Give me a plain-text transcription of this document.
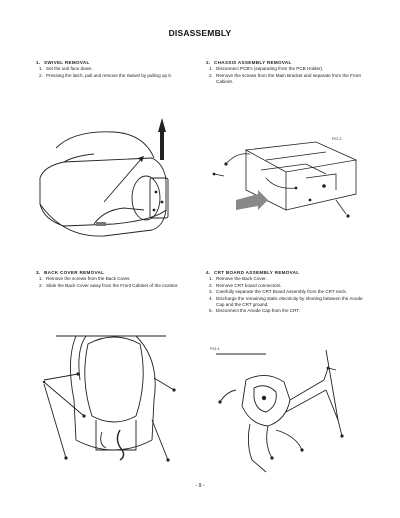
DISASSEMBLY
1. SWIVEL REMOVAL
1. Set the unit face down.
2. Pressing the latch, pull and remove the Swivel by pulling up it.
2. CHASSIS ASSEMBLY REMOVAL
1. Disconnect PCB's (separating from the PCB Holder).
2. Remove the screws from the Main Bracket and separate from the Front Cabinet.
3. BACK COVER REMOVAL
1. Remove the screws from the Back Cover.
2. Slide the Back Cover away from the Front Cabinet of the monitor.
4. CRT BOARD ASSEMBLY REMOVAL
1. Remove the Back Cover.
2. Remove CRT board connectors.
3. Carefully separate the CRT Board Assembly from the CRT neck.
4. Discharge the remaining static electricity by shorting between the Anode Cap and the CRT ground.
5. Disconnect the Anode Cap from the CRT.
FIG.2
FIG.4
- 9 -
